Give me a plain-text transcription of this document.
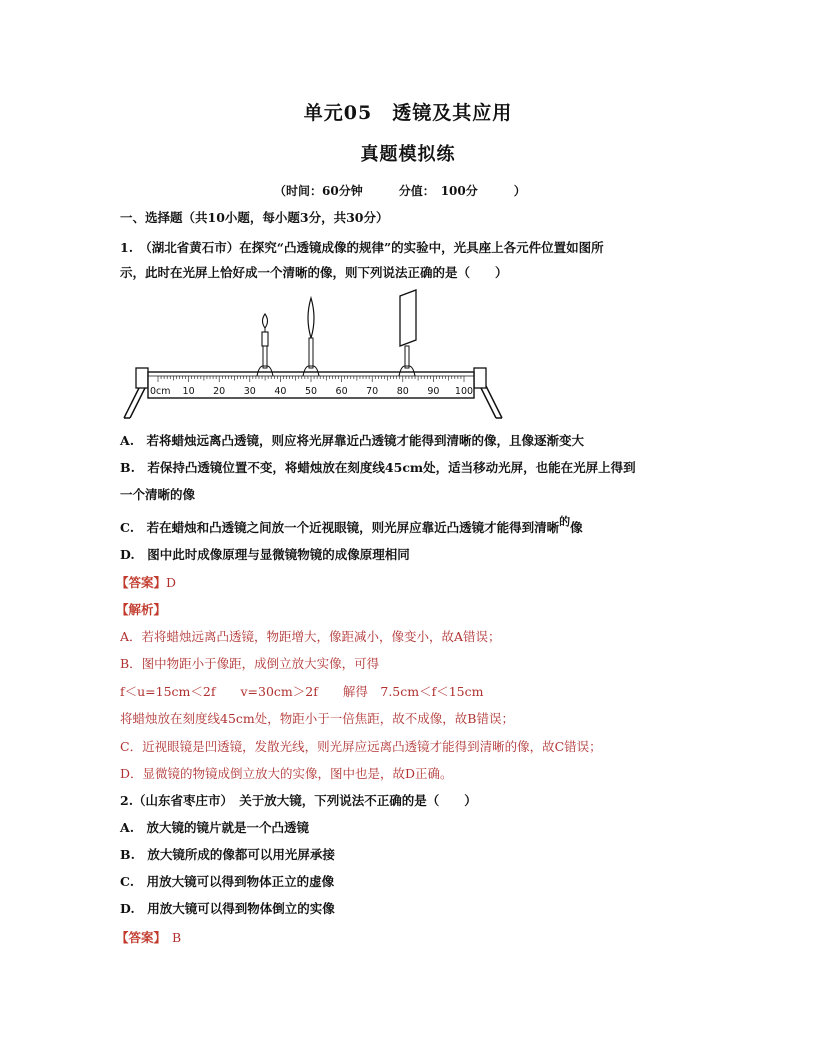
单元05　透镜及其应用
真题模拟练
（时间：60分钟　　　分值：　100分　　　）
一、选择题（共10小题，每小题3分，共30分）
1.　（湖北省黄石市）在探究“凸透镜成像的规律”的实验中，光具座上各元件位置如图所
示，此时在光屏上恰好成一个清晰的像，则下列说法正确的是（　　）
0cm 10 20 30 40 50 60 70 80 90 100
A.　若将蜡烛远离凸透镜，则应将光屏靠近凸透镜才能得到清晰的像，且像逐渐变大
B.　若保持凸透镜位置不变，将蜡烛放在刻度线45cm处，适当移动光屏，也能在光屏上得到
一个清晰的像
C.　若在蜡烛和凸透镜之间放一个近视眼镜，则光屏应靠近凸透镜才能得到清晰的像
D.　图中此时成像原理与显微镜物镜的成像原理相同
【答案】D
【解析】
A．若将蜡烛远离凸透镜，物距增大，像距减小，像变小，故A错误；
B．图中物距小于像距，成倒立放大实像，可得
f＜u=15cm＜2f　　v=30cm＞2f　　解得　7.5cm＜f＜15cm
将蜡烛放在刻度线45cm处，物距小于一倍焦距，故不成像，故B错误；
C．近视眼镜是凹透镜，发散光线，则光屏应远离凸透镜才能得到清晰的像，故C错误；
D．显微镜的物镜成倒立放大的实像，图中也是，故D正确。
2.（山东省枣庄市）　关于放大镜，下列说法不正确的是（　　）
A.　放大镜的镜片就是一个凸透镜
B.　放大镜所成的像都可以用光屏承接
C.　用放大镜可以得到物体正立的虚像
D.　用放大镜可以得到物体倒立的实像
【答案】 B
